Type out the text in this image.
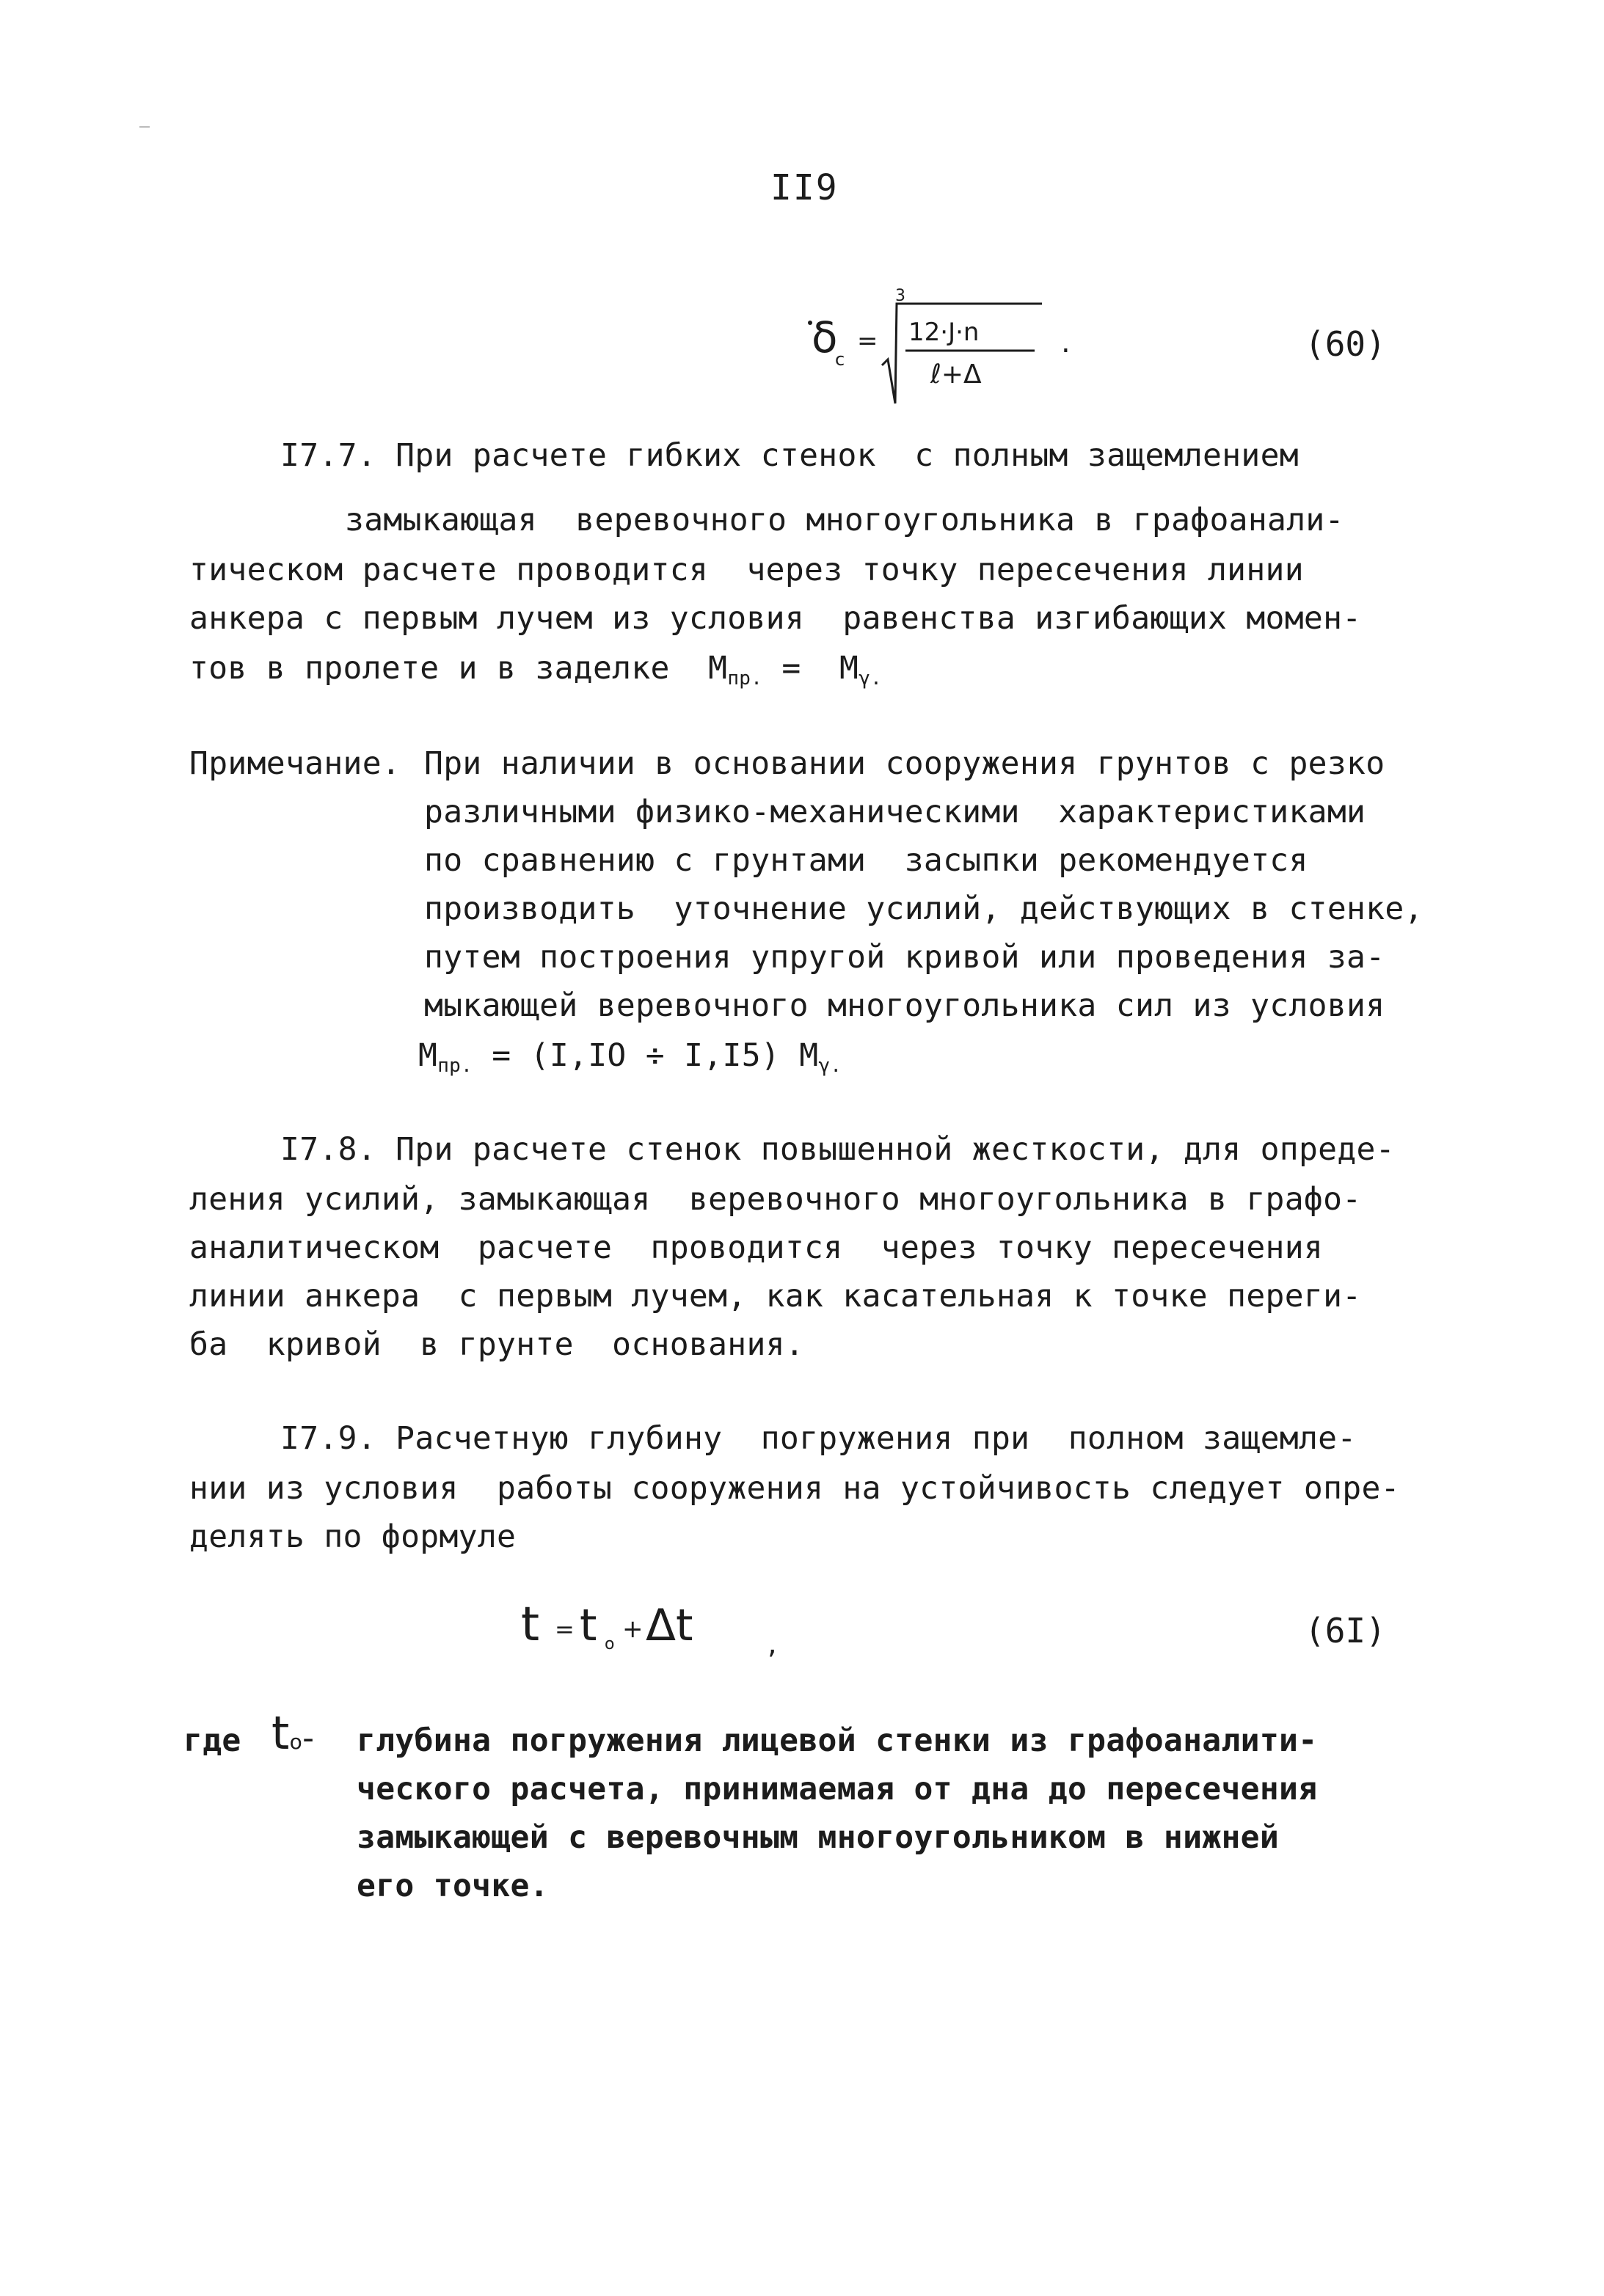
II9
δ
c
=
3
12·J·n
ℓ+Δ
.	(60)
I7.7. При расчете гибких стенок  с полным защемлением
замыкающая  веревочного многоугольника в графоанали-
тическом расчете проводится  через точку пересечения линии
анкера с первым лучем из условия  равенства изгибающих момен-
тов в пролете и в заделке $M_{пр.} = M_{\gamma.}$
Примечание. При наличии в основании сооружения грунтов с резко
различными физико-механическими  характеристиками
по сравнению с грунтами  засыпки рекомендуется
производить  уточнение усилий, действующих в стенке,
путем построения упругой кривой или проведения за-
мыкающей веревочного многоугольника сил из условия
$M_{пр.} = (I,IO \div I,I5)$ $M_{\gamma.}$
I7.8. При расчете стенок повышенной жесткости, для опреде-
ления усилий, замыкающая  веревочного многоугольника в графо-
аналитическом  расчете  проводится  через точку пересечения
линии анкера  с первым лучем, как касательная к точке переги-
ба  кривой  в грунте  основания.
I7.9. Расчетную глубину  погружения при  полном защемле-
нии из условия  работы сооружения на устойчивость следует опре-
делять по формуле
t = t o
+ Δt	,	(6I)
где to- глубина погружения лицевой стенки из графоаналити-
ческого расчета, принимаемая от дна до пересечения
замыкающей с веревочным многоугольником в нижней
его точке.
